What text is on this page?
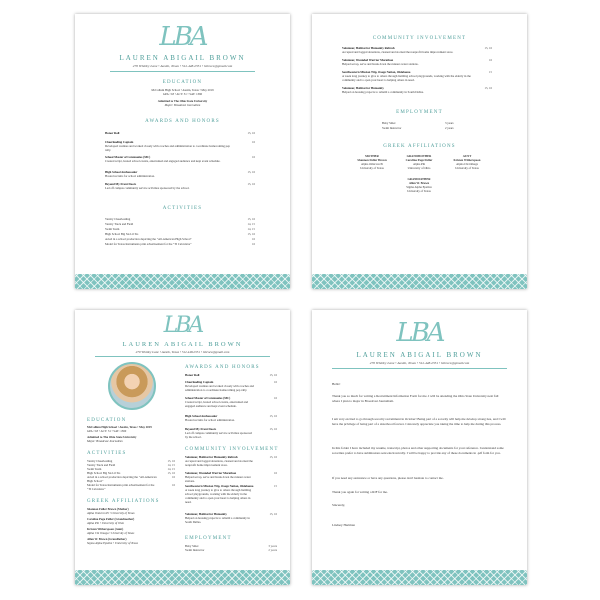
LBA
LAUREN ABIGAIL BROWN
270 Whitley Lane • Austin, Texas • 512.448.2351 • lsbruce@gmail.com
EDUCATION
McCallum High School • Austin, Texas • May 2019
GPA: 3.8 • ACT: 31 • SAT: 1360
Admitted to The Ohio State University
Major: Broadcast Journalism
AWARDS AND HONORS
Honor Roll	15, 16
Cheerleading Captain
Developed routines and worked closely with coaches and administration to coordinate homecoming pep rally.
16
School Master of Ceremonies (MC)
Created script, hosted school events, entertained and engaged audience and kept event schedule.
16
High School Ambassador
Hosted recruits for school administration.
15, 16
Beyond My Front Doors
Led off campus community service activities sponsored by the school.
15, 16
ACTIVITIES
Varsity Cheerleading	15, 16
Varsity Track and Field	14, 15
Swim Team	14, 15
High School Big Sis Lil Sis	15, 16
Acted in a school production depicting the "All-American High School"	16
Model for Texas Instruments print advertisement for the "TI Calculator"	16
COMMUNITY INVOLVEMENT
Volunteer, Habitat for Humanity Refresh
Accepted and logged donations, cleaned and stocked the nonprofit home improvement store.
15, 16
Volunteer, Wounded Warrior Marathon
Helped set up, serve and break down the runners water stations.
16
Southwestern Mission Trip, Osage Nation, Oklahoma
A week long journey to give to others through building school playgrounds, working with the elderly in the community and to open your heart to helping others in need.
15
Volunteer, Habitat for Humanity
Helped on housing projects to rebuild a community in South Dallas.
15, 16
EMPLOYMENT
Baby Sitter	3 years
Swim Instructor	2 years
GREEK AFFILIATIONS
MOTHER
Shannon Fuller Brown
Alpha Omicron Pi
University of Texas
GRANDMOTHER
Carolina Page Fuller
Alpha Phi
University of Ohio
AUNT
Kristen Witherspoon
Alpha Chi Omega
University of Texas
GRANDFATHER
Allen W. Brown
Sigma Alpha Epsilon
University of Texas
LBA
LAUREN ABIGAIL BROWN
270 Whitley Lane • Austin, Texas • 512.448.2351 • lsbruce@gmail.com
EDUCATION
McCallum High School • Austin, Texas • May 2019
GPA: 3.8 • ACT: 31 • SAT: 1360
Admitted to The Ohio State University
Major: Broadcast Journalism
ACTIVITIES
Varsity Cheerleading	15, 16
Varsity Track and Field	14, 15
Swim Team	14, 15
High School Big Sis Lil Sis	15, 16
Acted in a school production depicting the "All-American High School"
16
Model for Texas Instruments print advertisement for the "TI Calculator"
16
GREEK AFFILIATIONS
Shannon Fuller Brown (Mother)
Alpha Omicron Pi • University of Texas
Carolina Page Fuller (Grandmother)
Alpha Phi • University of Ohio
Kristen Witherspoon (Aunt)
Alpha Chi Omega • University of Texas
Allen W. Brown (Grandfather)
Sigma Alpha Epsilon • University of Texas
AWARDS AND HONORS
Honor Roll	15, 16
Cheerleading Captain
Developed routines and worked closely with coaches and administration to coordinate homecoming pep rally.
16
School Master of Ceremonies (MC)
Created script, hosted school events, entertained and engaged audience and kept event schedule.
16
High School Ambassador
Hosted recruits for school administration.
15, 16
Beyond My Front Doors
Led off campus community service activities sponsored by the school.
15, 16
COMMUNITY INVOLVEMENT
Volunteer, Habitat for Humanity Refresh
Accepted and logged donations, cleaned and stocked the nonprofit home improvement store.
15, 16
Volunteer, Wounded Warrior Marathon
Helped set up, serve and break down the runners water stations.
16
Southwestern Mission Trip, Osage Nation, Oklahoma
A week long journey to give to others through building school playgrounds, working with the elderly in the community and to open your heart to helping others in need.
15
Volunteer, Habitat for Humanity
Helped on housing projects to rebuild a community in South Dallas.
15, 16
EMPLOYMENT
Baby Sitter	3 years
Swim Instructor	2 years
LBA
LAUREN ABIGAIL BROWN
270 Whitley Lane • Austin, Texas • 512.448.2351 • lsbruce@gmail.com
Hello!
Thank you so much for writing a Recruitment Information Form for me. I will be attending the Ohio State University next fall where I plan to major in Broadcast Journalism.
I am very excited to go through sorority recruitment in October! Being part of a sorority will help me develop strong ties, and I will have the privilege of being part of a sisterhood forever. I sincerely appreciate you taking the time to help me during this process.
In this folder I have included my resume, transcript, photos and other supporting documents for your reference. I understand some sororities prefer to have submissions sent electronically. I will be happy to provide any of these documents in .pdf form for you.
If you need any assistance or have any questions, please don't hesitate to contact me.
Thank you again for writing a RIF for me.
Sincerely,
Lindsey Hartman
